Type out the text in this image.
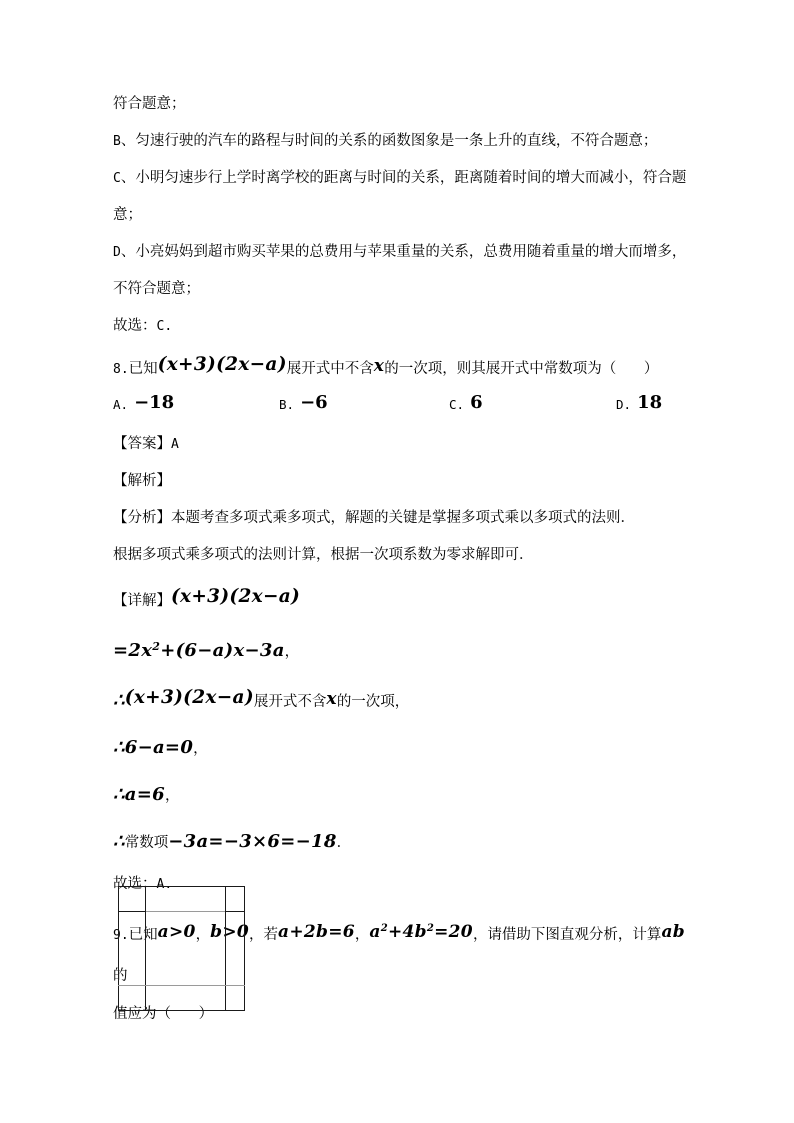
符合题意；
B、匀速行驶的汽车的路程与时间的关系的函数图象是一条上升的直线，不符合题意；
C、小明匀速步行上学时离学校的距离与时间的关系，距离随着时间的增大而减小，符合题
意；
D、小亮妈妈到超市购买苹果的总费用与苹果重量的关系，总费用随着重量的增大而增多，
不符合题意；
故选：C.
8.已知(x+3)(2x−a)展开式中不含x的一次项，则其展开式中常数项为（      ）
A. −18	B. −6	C. 6	D. 18
【答案】A
【解析】
【分析】本题考查多项式乘多项式，解题的关键是掌握多项式乘以多项式的法则．
根据多项式乘多项式的法则计算，根据一次项系数为零求解即可．
【详解】(x+3)(2x−a)
$=2x^2+(6-a)x-3a$，
∴(x+3)(2x−a)展开式不含x的一次项，
∴6−a=0，
∴a=6，
∴常数项−3a=−3×6=−18．
故选：A.
9.已知a>0，b>0，若a+2b=6，$a^2+4b^2=20$，请借助下图直观分析，计算ab的
值应为（      ）
